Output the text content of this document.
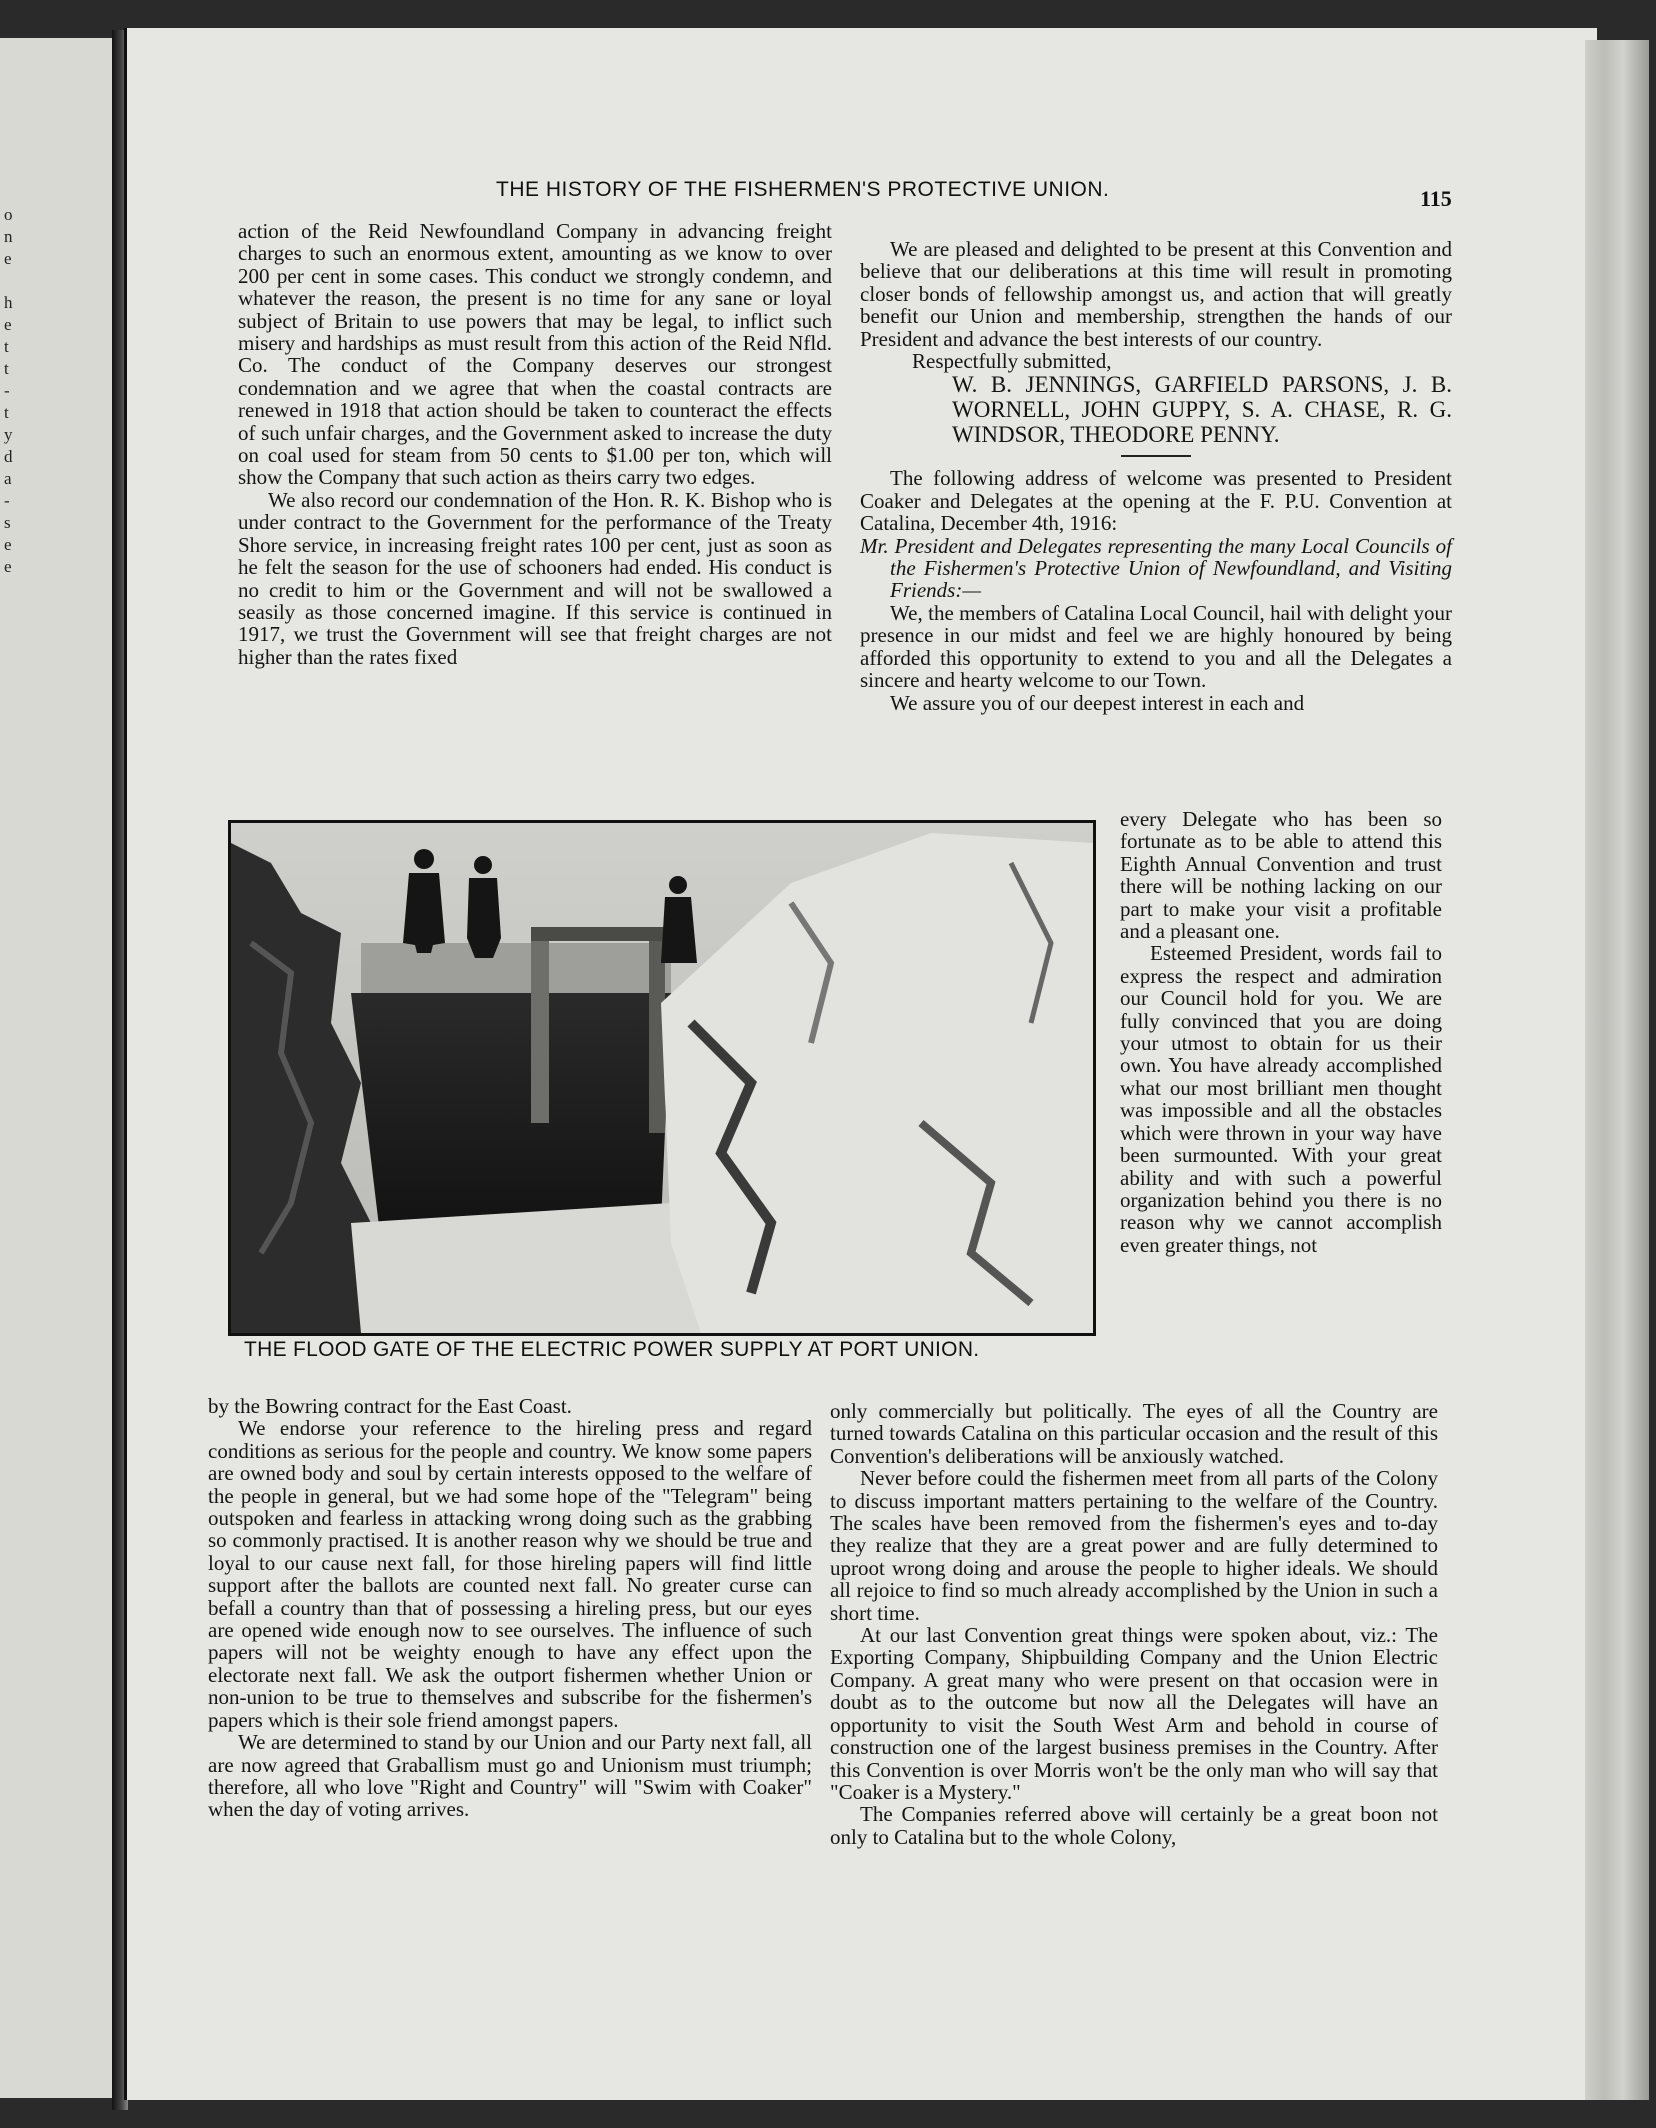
o
n
e
h
e
t
t
-
t
y
d
a
-
s
e
e
THE HISTORY OF THE FISHERMEN'S PROTECTIVE UNION.	115

action of the Reid Newfoundland Company in advancing freight charges to such an enormous extent, amounting as we know to over 200 per cent in some cases. This conduct we strongly condemn, and whatever the reason, the present is no time for any sane or loyal subject of Britain to use powers that may be legal, to inflict such misery and hardships as must result from this action of the Reid Nfld. Co. The conduct of the Company deserves our strongest condemnation and we agree that when the coastal contracts are renewed in 1918 that action should be taken to counteract the effects of such unfair charges, and the Government asked to increase the duty on coal used for steam from 50 cents to $1.00 per ton, which will show the Company that such action as theirs carry two edges.

We also record our condemnation of the Hon. R. K. Bishop who is under contract to the Government for the performance of the Treaty Shore service, in increasing freight rates 100 per cent, just as soon as he felt the season for the use of schooners had ended. His conduct is no credit to him or the Government and will not be swallowed a seasily as those concerned imagine. If this service is continued in 1917, we trust the Government will see that freight charges are not higher than the rates fixed

We are pleased and delighted to be present at this Convention and believe that our deliberations at this time will result in promoting closer bonds of fellowship amongst us, and action that will greatly benefit our Union and membership, strengthen the hands of our President and advance the best interests of our country.

Respectfully submitted,

W. B. JENNINGS, GARFIELD PARSONS, J. B. WORNELL, JOHN GUPPY, S. A. CHASE, R. G. WINDSOR, THEODORE PENNY.

The following address of welcome was presented to President Coaker and Delegates at the opening at the F. P.U. Convention at Catalina, December 4th, 1916:

Mr. President and Delegates representing the many Local Councils of the Fishermen's Protective Union of Newfoundland, and Visiting Friends:—

We, the members of Catalina Local Council, hail with delight your presence in our midst and feel we are highly honoured by being afforded this opportunity to extend to you and all the Delegates a sincere and hearty welcome to our Town.

We assure you of our deepest interest in each and

every Delegate who has been so fortunate as to be able to attend this Eighth Annual Convention and trust there will be nothing lacking on our part to make your visit a profitable and a pleasant one.

Esteemed President, words fail to express the respect and admiration our Council hold for you. We are fully convinced that you are doing your utmost to obtain for us their own. You have already accomplished what our most brilliant men thought was impossible and all the obstacles which were thrown in your way have been surmounted. With your great ability and with such a powerful organization behind you there is no reason why we cannot accomplish even greater things, not

THE FLOOD GATE OF THE ELECTRIC POWER SUPPLY AT PORT UNION.

by the Bowring contract for the East Coast.

We endorse your reference to the hireling press and regard conditions as serious for the people and country. We know some papers are owned body and soul by certain interests opposed to the welfare of the people in general, but we had some hope of the "Telegram" being outspoken and fearless in attacking wrong doing such as the grabbing so commonly practised. It is another reason why we should be true and loyal to our cause next fall, for those hireling papers will find little support after the ballots are counted next fall. No greater curse can befall a country than that of possessing a hireling press, but our eyes are opened wide enough now to see ourselves. The influence of such papers will not be weighty enough to have any effect upon the electorate next fall. We ask the outport fishermen whether Union or non-union to be true to themselves and subscribe for the fishermen's papers which is their sole friend amongst papers.

We are determined to stand by our Union and our Party next fall, all are now agreed that Graballism must go and Unionism must triumph; therefore, all who love "Right and Country" will "Swim with Coaker" when the day of voting arrives.

only commercially but politically. The eyes of all the Country are turned towards Catalina on this particular occasion and the result of this Convention's deliberations will be anxiously watched.

Never before could the fishermen meet from all parts of the Colony to discuss important matters pertaining to the welfare of the Country. The scales have been removed from the fishermen's eyes and to-day they realize that they are a great power and are fully determined to uproot wrong doing and arouse the people to higher ideals. We should all rejoice to find so much already accomplished by the Union in such a short time.

At our last Convention great things were spoken about, viz.: The Exporting Company, Shipbuilding Company and the Union Electric Company. A great many who were present on that occasion were in doubt as to the outcome but now all the Delegates will have an opportunity to visit the South West Arm and behold in course of construction one of the largest business premises in the Country. After this Convention is over Morris won't be the only man who will say that "Coaker is a Mystery."

The Companies referred above will certainly be a great boon not only to Catalina but to the whole Colony,
